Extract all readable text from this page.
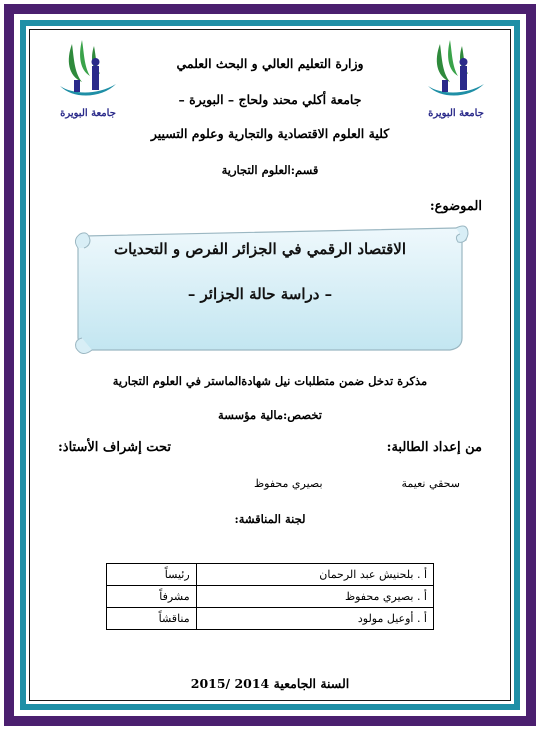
جامعة البويرة	جامعة البويرة
وزارة التعليم العالي و البحث العلمي
جامعة أكلي محند ولحاج – البويرة –
كلية العلوم الاقتصادية والتجارية وعلوم التسيير
قسم:العلوم التجارية
الموضوع:
الاقتصاد الرقمي في الجزائر الفرص و التحديات
– دراسة حالة الجزائر –
مذكرة تدخل ضمن متطلبات نيل شهادةالماستر في العلوم التجارية
تخصص:مالية مؤسسة
من إعداد الطالبة:
تحت إشراف الأستاذ:
سحقي نعيمة
بصيري محفوظ
لجنة المناقشة:
أ . بلحنيش عبد الرحمان	رئيساً
أ . بصيري محفوظ	مشرفاً
أ . أوعيل مولود	مناقشاً
السنة الجامعية 2014 /2015
